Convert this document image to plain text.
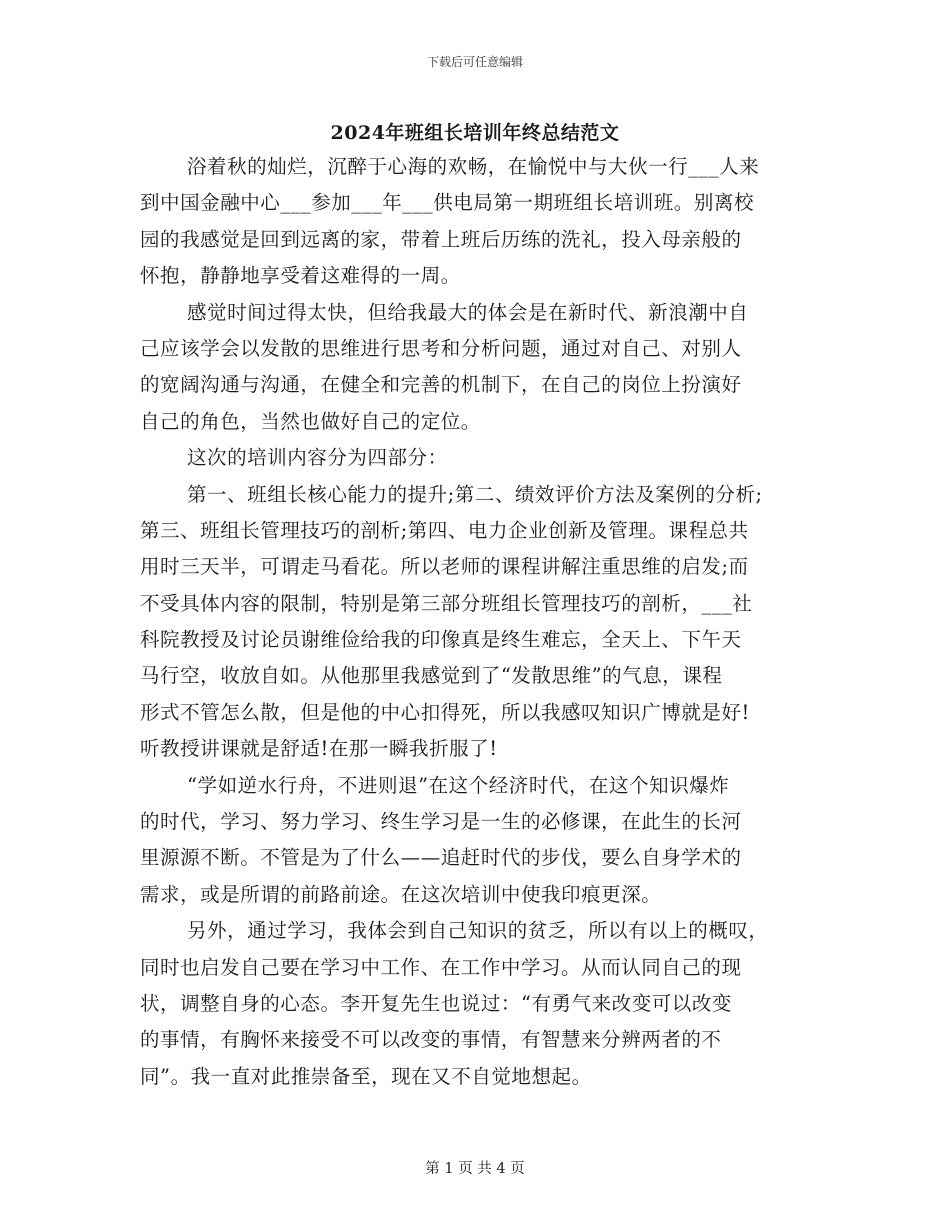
下载后可任意编辑
2024年班组长培训年终总结范文
浴着秋的灿烂，沉醉于心海的欢畅，在愉悦中与大伙一行___人来
到中国金融中心___参加___年___供电局第一期班组长培训班。别离校
园的我感觉是回到远离的家，带着上班后历练的洗礼，投入母亲般的
怀抱，静静地享受着这难得的一周。
感觉时间过得太快，但给我最大的体会是在新时代、新浪潮中自
己应该学会以发散的思维进行思考和分析问题，通过对自己、对别人
的宽阔沟通与沟通，在健全和完善的机制下，在自己的岗位上扮演好
自己的角色，当然也做好自己的定位。
这次的培训内容分为四部分：
第一、班组长核心能力的提升;第二、绩效评价方法及案例的分析;
第三、班组长管理技巧的剖析;第四、电力企业创新及管理。课程总共
用时三天半，可谓走马看花。所以老师的课程讲解注重思维的启发;而
不受具体内容的限制，特别是第三部分班组长管理技巧的剖析，___社
科院教授及讨论员谢维俭给我的印像真是终生难忘，全天上、下午天
马行空，收放自如。从他那里我感觉到了“发散思维”的气息，课程
形式不管怎么散，但是他的中心扣得死，所以我感叹知识广博就是好!
听教授讲课就是舒适!在那一瞬我折服了!
“学如逆水行舟，不进则退”在这个经济时代，在这个知识爆炸
的时代，学习、努力学习、终生学习是一生的必修课，在此生的长河
里源源不断。不管是为了什么——追赶时代的步伐，要么自身学术的
需求，或是所谓的前路前途。在这次培训中使我印痕更深。
另外，通过学习，我体会到自己知识的贫乏，所以有以上的概叹，
同时也启发自己要在学习中工作、在工作中学习。从而认同自己的现
状，调整自身的心态。李开复先生也说过：“有勇气来改变可以改变
的事情，有胸怀来接受不可以改变的事情，有智慧来分辨两者的不
同”。我一直对此推崇备至，现在又不自觉地想起。
第 1 页 共 4 页
